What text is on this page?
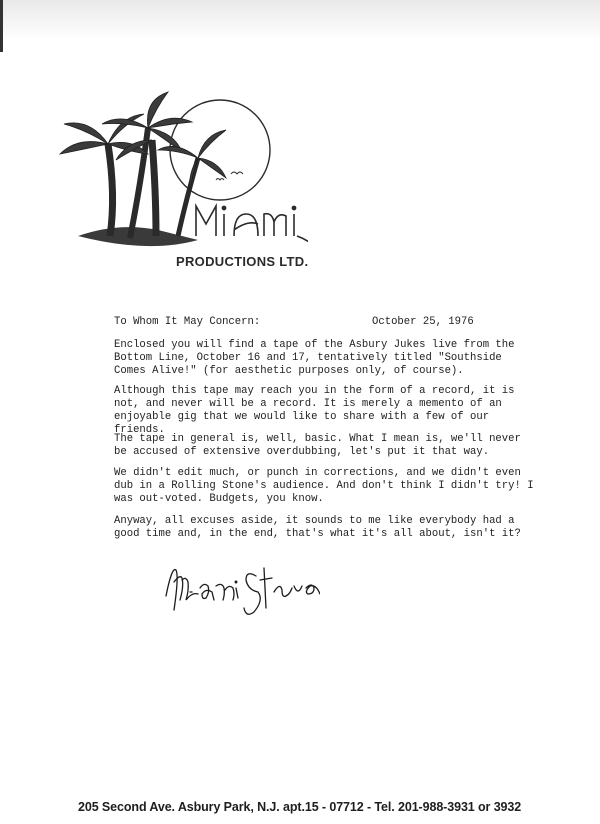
PRODUCTIONS LTD.
To Whom It May Concern:	October 25, 1976

Enclosed you will find a tape of the Asbury Jukes live from the Bottom Line, October 16 and 17, tentatively titled "Southside Comes Alive!" (for aesthetic purposes only, of course).

Although this tape may reach you in the form of a record, it is not, and never will be a record. It is merely a memento of an enjoyable gig that we would like to share with a few of our friends.

The tape in general is, well, basic. What I mean is, we'll never be accused of extensive overdubbing, let's put it that way.

We didn't edit much, or punch in corrections, and we didn't even dub in a Rolling Stone's audience. And don't think I didn't try! I was out-voted. Budgets, you know.

Anyway, all excuses aside, it sounds to me like everybody had a good time and, in the end, that's what it's all about, isn't it?

205 Second Ave. Asbury Park, N.J. apt.15 - 07712 - Tel. 201-988-3931 or 3932
